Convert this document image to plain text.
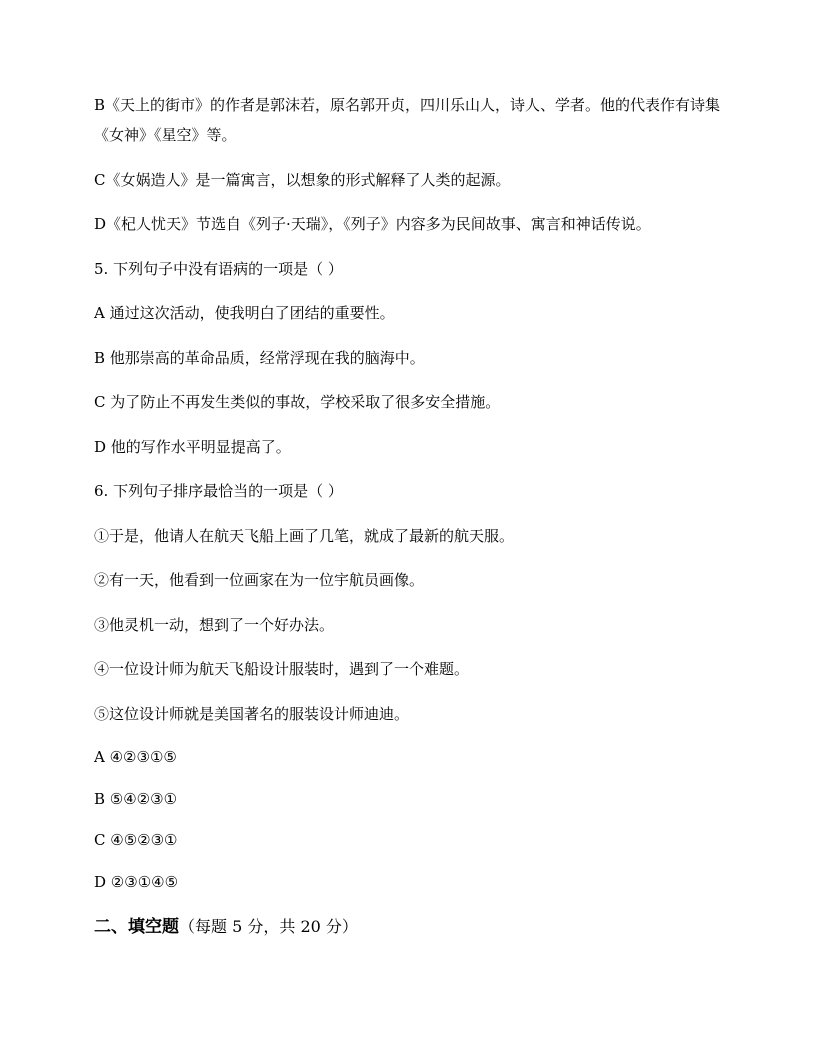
B《天上的街市》的作者是郭沫若，原名郭开贞，四川乐山人，诗人、学者。他的代表作有诗集《女神》《星空》等。

C《女娲造人》是一篇寓言，以想象的形式解释了人类的起源。

D《杞人忧天》节选自《列子·天瑞》，《列子》内容多为民间故事、寓言和神话传说。

5. 下列句子中没有语病的一项是（ ）

A 通过这次活动，使我明白了团结的重要性。

B 他那崇高的革命品质，经常浮现在我的脑海中。

C 为了防止不再发生类似的事故，学校采取了很多安全措施。

D 他的写作水平明显提高了。

6. 下列句子排序最恰当的一项是（ ）

①于是，他请人在航天飞船上画了几笔，就成了最新的航天服。

②有一天，他看到一位画家在为一位宇航员画像。

③他灵机一动，想到了一个好办法。

④一位设计师为航天飞船设计服装时，遇到了一个难题。

⑤这位设计师就是美国著名的服装设计师迪迪。

A ④②③①⑤

B ⑤④②③①

C ④⑤②③①

D ②③①④⑤

二、填空题（每题 5 分，共 20 分）
